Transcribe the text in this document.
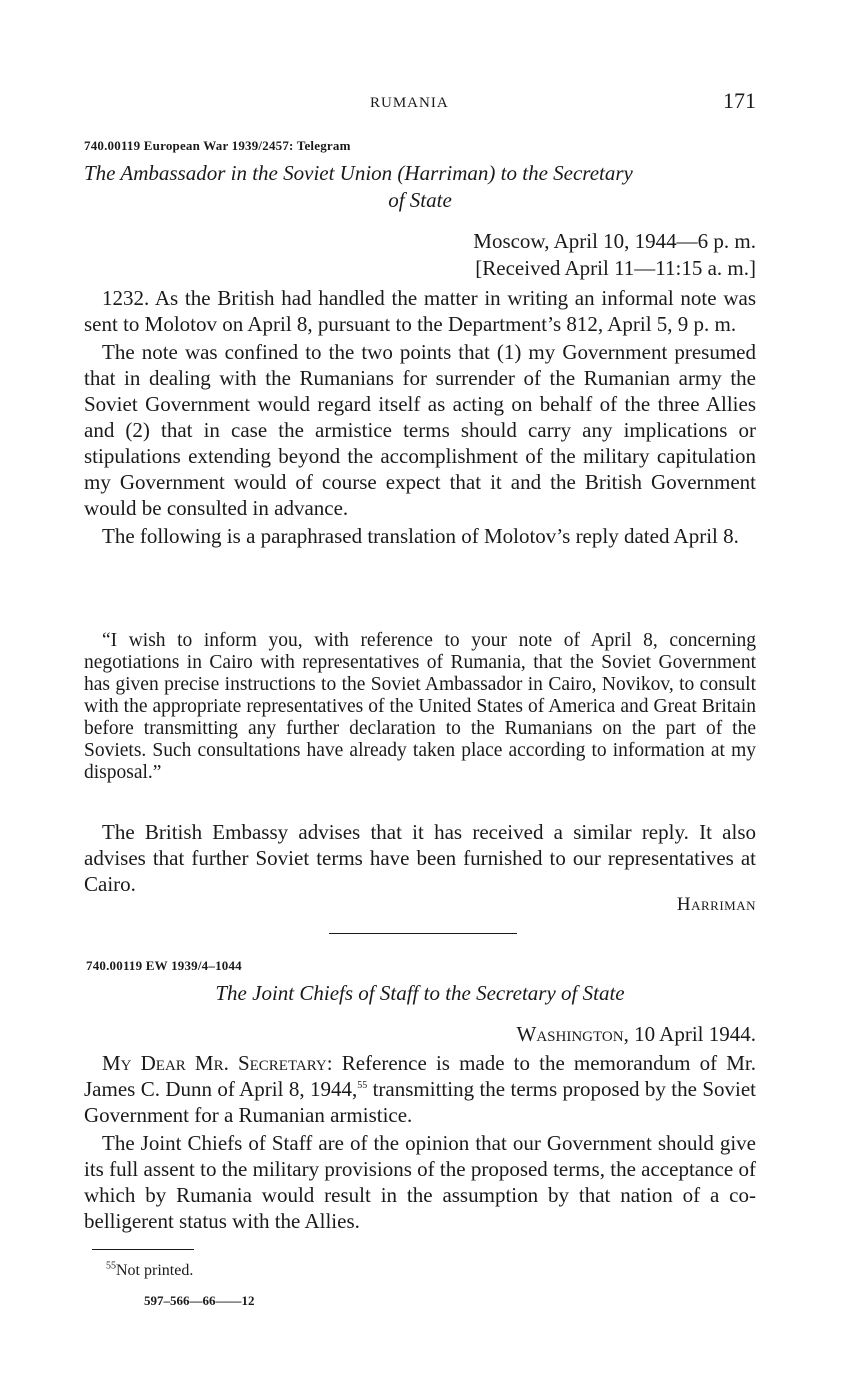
RUMANIA	171
740.00119 European War 1939/2457: Telegram
The Ambassador in the Soviet Union (Harriman) to the Secretary
of State
Moscow, April 10, 1944—6 p. m.
[Received April 11—11:15 a. m.]

1232. As the British had handled the matter in writing an informal note was sent to Molotov on April 8, pursuant to the Department’s 812, April 5, 9 p. m.

The note was confined to the two points that (1) my Government presumed that in dealing with the Rumanians for surrender of the Rumanian army the Soviet Government would regard itself as acting on behalf of the three Allies and (2) that in case the armistice terms should carry any implications or stipulations extending beyond the accomplishment of the military capitulation my Government would of course expect that it and the British Government would be consulted in advance.

The following is a paraphrased translation of Molotov’s reply dated April 8.

“I wish to inform you, with reference to your note of April 8, concerning negotiations in Cairo with representatives of Rumania, that the Soviet Government has given precise instructions to the Soviet Ambassador in Cairo, Novikov, to consult with the appropriate representatives of the United States of America and Great Britain before transmitting any further declaration to the Rumanians on the part of the Soviets. Such consultations have already taken place according to information at my disposal.”

The British Embassy advises that it has received a similar reply. It also advises that further Soviet terms have been furnished to our representatives at Cairo.

Harriman
740.00119 EW 1939/4–1044
The Joint Chiefs of Staff to the Secretary of State
Washington, 10 April 1944.

My Dear Mr. Secretary: Reference is made to the memorandum of Mr. James C. Dunn of April 8, 1944,55 transmitting the terms proposed by the Soviet Government for a Rumanian armistice.

The Joint Chiefs of Staff are of the opinion that our Government should give its full assent to the military provisions of the proposed terms, the acceptance of which by Rumania would result in the assumption by that nation of a co-belligerent status with the Allies.

$^{55}$Not printed.
597–566—66——12
